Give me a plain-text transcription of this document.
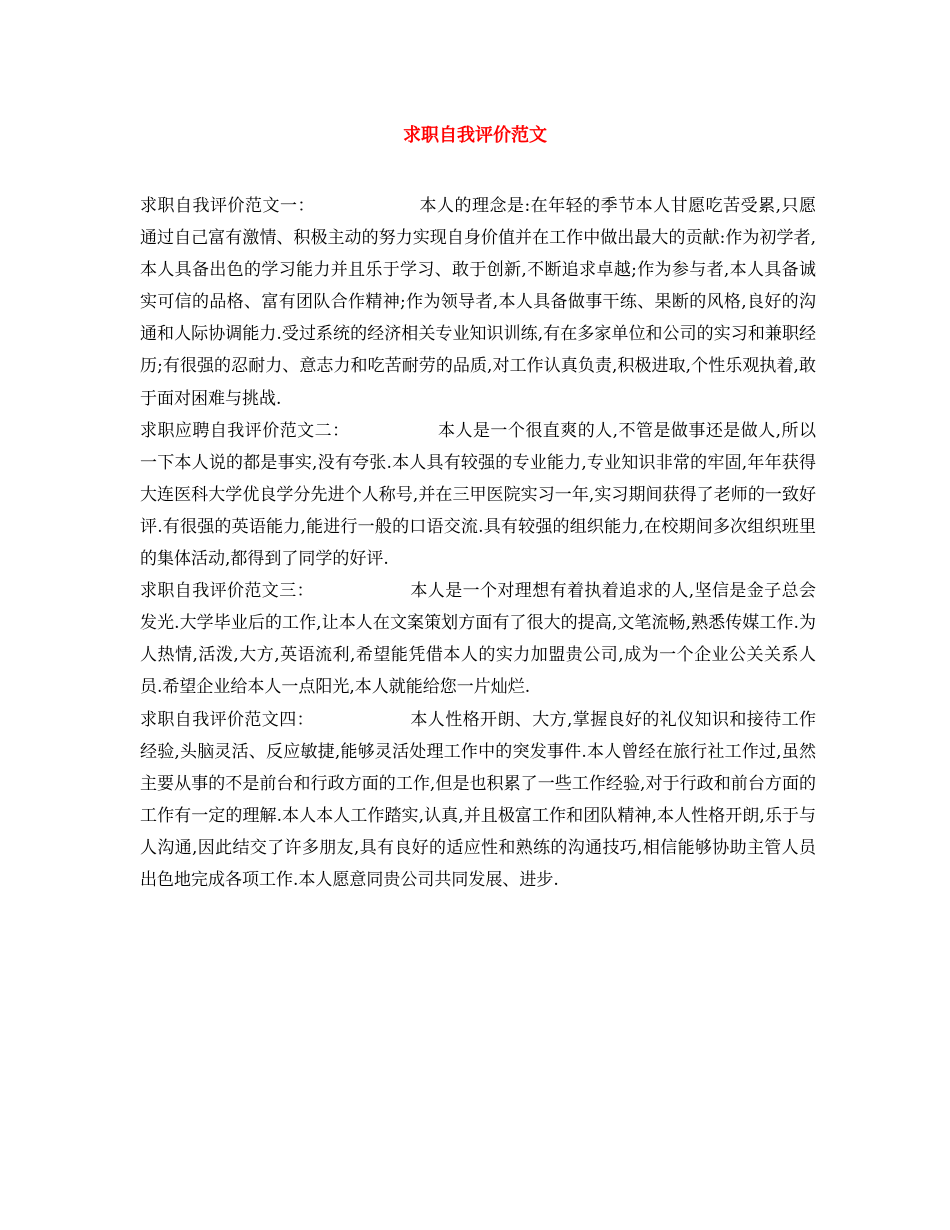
求职自我评价范文
求职自我评价范文一：	本人的理念是:在年轻的季节本人甘愿吃苦受累,只愿通过自己富有激情、积极主动的努力实现自身价值并在工作中做出最大的贡献:作为初学者,本人具备出色的学习能力并且乐于学习、敢于创新,不断追求卓越;作为参与者,本人具备诚实可信的品格、富有团队合作精神;作为领导者,本人具备做事干练、果断的风格,良好的沟通和人际协调能力.受过系统的经济相关专业知识训练,有在多家单位和公司的实习和兼职经历;有很强的忍耐力、意志力和吃苦耐劳的品质,对工作认真负责,积极进取,个性乐观执着,敢于面对困难与挑战.
求职应聘自我评价范文二：	本人是一个很直爽的人,不管是做事还是做人,所以一下本人说的都是事实,没有夸张.本人具有较强的专业能力,专业知识非常的牢固,年年获得大连医科大学优良学分先进个人称号,并在三甲医院实习一年,实习期间获得了老师的一致好评.有很强的英语能力,能进行一般的口语交流.具有较强的组织能力,在校期间多次组织班里的集体活动,都得到了同学的好评.
求职自我评价范文三：	本人是一个对理想有着执着追求的人,坚信是金子总会发光.大学毕业后的工作,让本人在文案策划方面有了很大的提高,文笔流畅,熟悉传媒工作.为人热情,活泼,大方,英语流利,希望能凭借本人的实力加盟贵公司,成为一个企业公关关系人员.希望企业给本人一点阳光,本人就能给您一片灿烂.
求职自我评价范文四：	本人性格开朗、大方,掌握良好的礼仪知识和接待工作经验,头脑灵活、反应敏捷,能够灵活处理工作中的突发事件.本人曾经在旅行社工作过,虽然主要从事的不是前台和行政方面的工作,但是也积累了一些工作经验,对于行政和前台方面的工作有一定的理解.本人本人工作踏实,认真,并且极富工作和团队精神,本人性格开朗,乐于与人沟通,因此结交了许多朋友,具有良好的适应性和熟练的沟通技巧,相信能够协助主管人员出色地完成各项工作.本人愿意同贵公司共同发展、进步.
